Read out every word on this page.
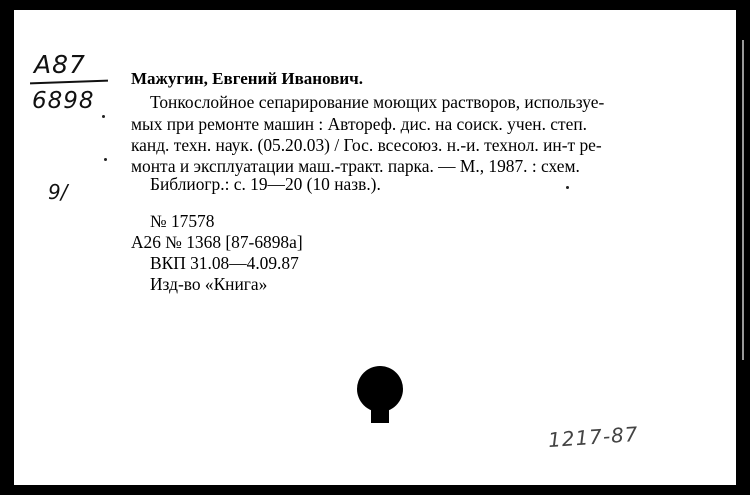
А87
6898
9/
Мажугин, Евгений Иванович.
Тонкослойное сепарирование моющих растворов, используе-
мых при ремонте машин : Автореф. дис. на соиск. учен. степ.
канд. техн. наук. (05.20.03) / Гос. всесоюз. н.-и. технол. ин-т ре-
монта и эксплуатации маш.-тракт. парка. — М., 1987. : схем.
Библиогр.: с. 19—20 (10 назв.).
№ 17578
А26 № 1368 [87-6898а]
ВКП 31.08—4.09.87
Изд-во «Книга»
1217-87
